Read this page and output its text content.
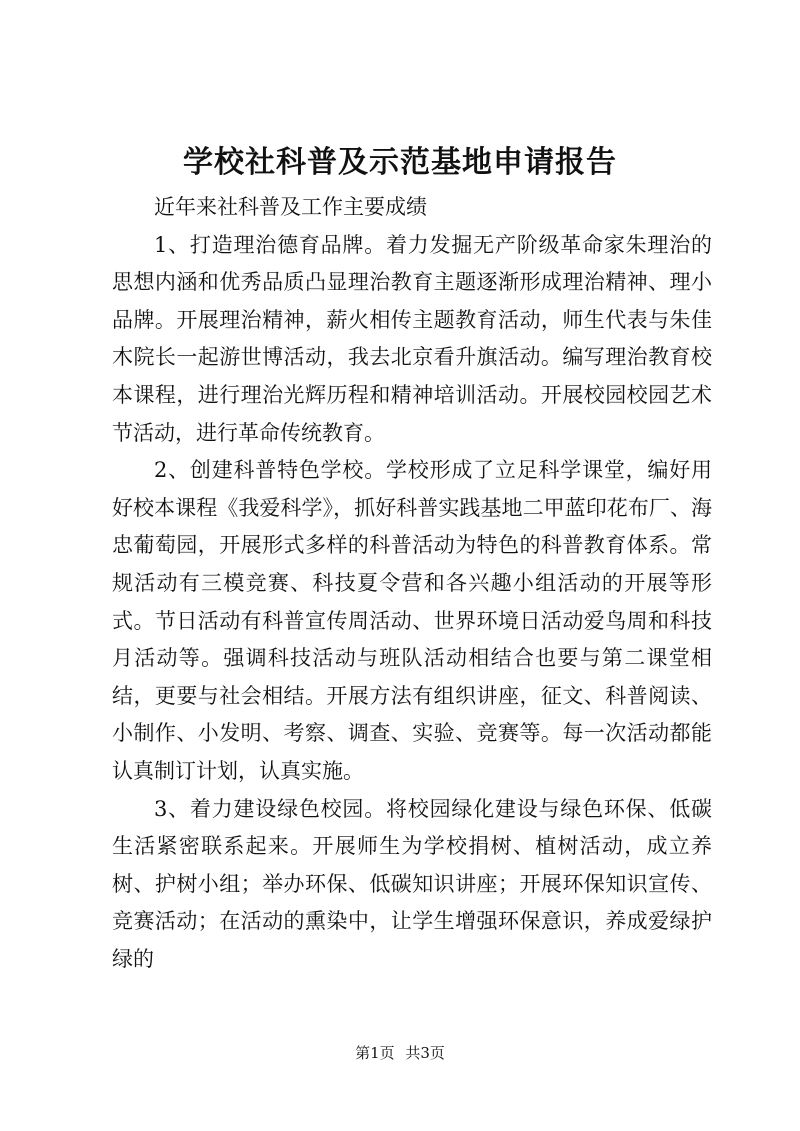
学校社科普及示范基地申请报告

近年来社科普及工作主要成绩

1、打造理治德育品牌。着力发掘无产阶级革命家朱理治的思想内涵和优秀品质凸显理治教育主题逐渐形成理治精神、理小品牌。开展理治精神，薪火相传主题教育活动，师生代表与朱佳木院长一起游世博活动，我去北京看升旗活动。编写理治教育校本课程，进行理治光辉历程和精神培训活动。开展校园校园艺术节活动，进行革命传统教育。

2、创建科普特色学校。学校形成了立足科学课堂，编好用好校本课程《我爱科学》，抓好科普实践基地二甲蓝印花布厂、海忠葡萄园，开展形式多样的科普活动为特色的科普教育体系。常规活动有三模竞赛、科技夏令营和各兴趣小组活动的开展等形式。节日活动有科普宣传周活动、世界环境日活动爱鸟周和科技月活动等。强调科技活动与班队活动相结合也要与第二课堂相结，更要与社会相结。开展方法有组织讲座，征文、科普阅读、小制作、小发明、考察、调查、实验、竞赛等。每一次活动都能认真制订计划，认真实施。

3、着力建设绿色校园。将校园绿化建设与绿色环保、低碳生活紧密联系起来。开展师生为学校捐树、植树活动，成立养树、护树小组；举办环保、低碳知识讲座；开展环保知识宣传、竞赛活动；在活动的熏染中，让学生增强环保意识，养成爱绿护绿的

第1页 共3页
